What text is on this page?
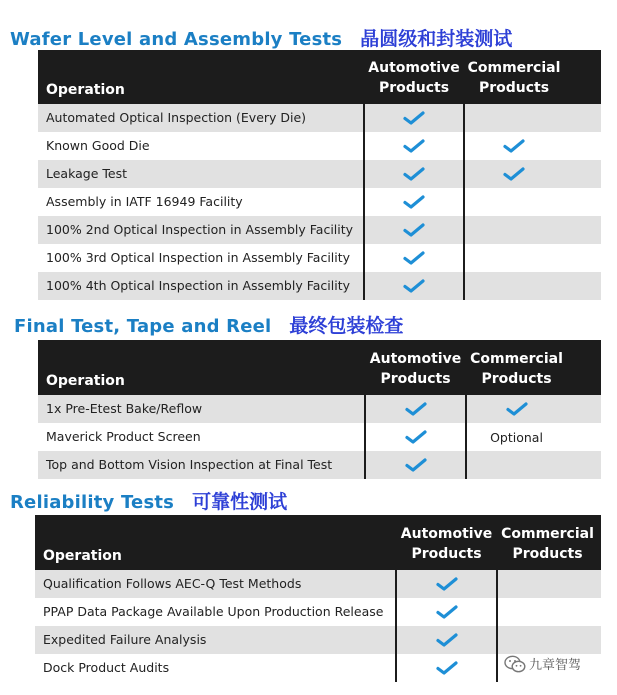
Wafer Level and Assembly Tests 晶圆级和封装测试
Operation
Automotive
Products
Commercial
Products
Automated Optical Inspection (Every Die)
Known Good Die
Leakage Test
Assembly in IATF 16949 Facility
100% 2nd Optical Inspection in Assembly Facility
100% 3rd Optical Inspection in Assembly Facility
100% 4th Optical Inspection in Assembly Facility
Final Test, Tape and Reel 最终包装检查
Operation
Automotive
Products
Commercial
Products
1x Pre-Etest Bake/Reflow
Maverick Product Screen	Optional
Top and Bottom Vision Inspection at Final Test
Reliability Tests 可靠性测试
Operation
Automotive
Products
Commercial
Products
Qualification Follows AEC-Q Test Methods
PPAP Data Package Available Upon Production Release
Expedited Failure Analysis
Dock Product Audits	九章智驾
